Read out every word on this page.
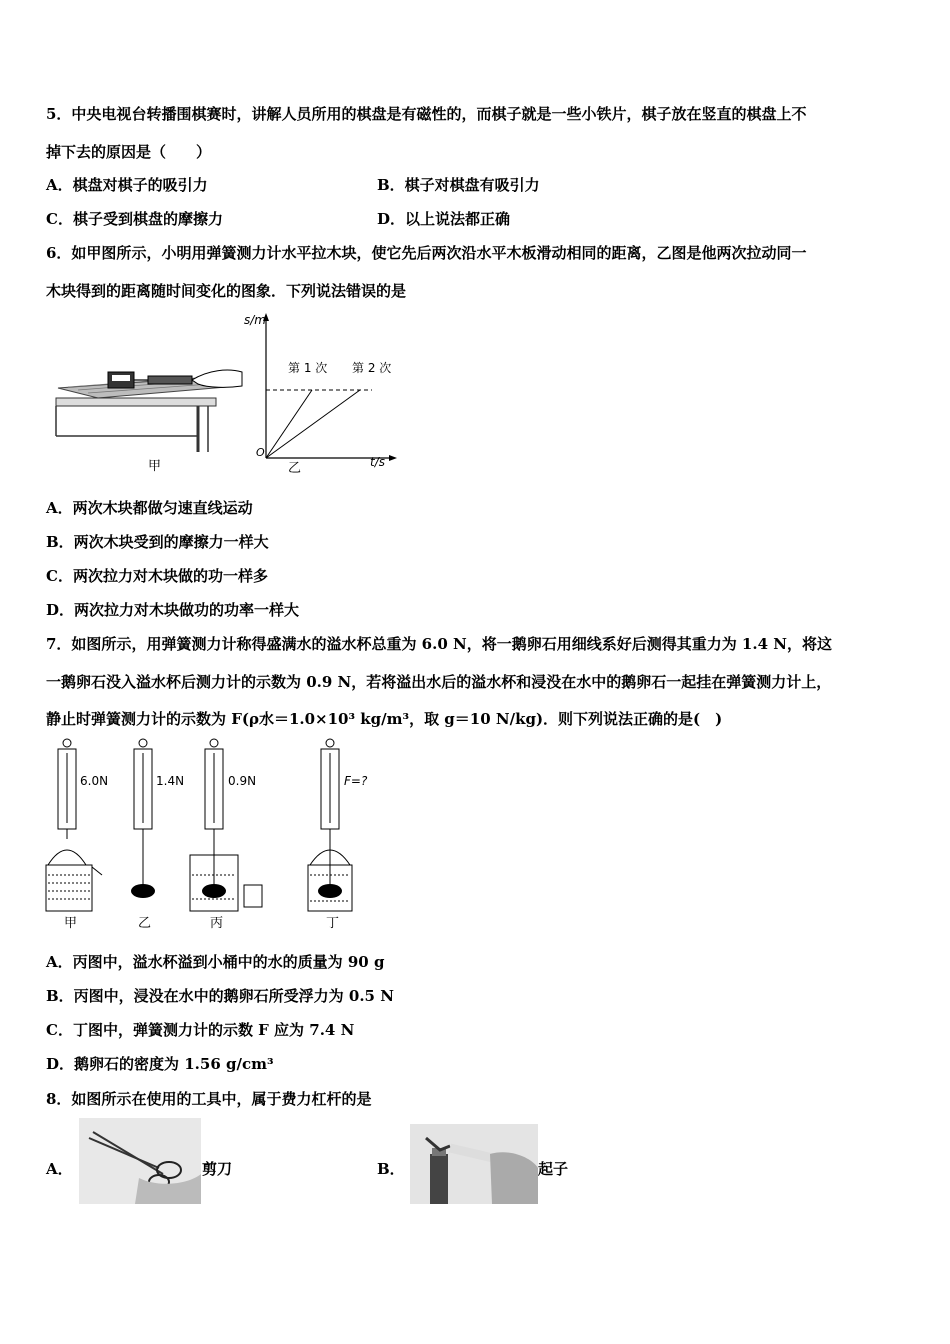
5．中央电视台转播围棋赛时，讲解人员所用的棋盘是有磁性的，而棋子就是一些小铁片，棋子放在竖直的棋盘上不
掉下去的原因是（　　）
A．棋盘对棋子的吸引力	B．棋子对棋盘有吸引力
C．棋子受到棋盘的摩擦力	D．以上说法都正确
6．如甲图所示，小明用弹簧测力计水平拉木块，使它先后两次沿水平木板滑动相同的距离，乙图是他两次拉动同一
木块得到的距离随时间变化的图象．下列说法错误的是
甲
s/m
t/s
O
第 1 次 第 2 次
乙
A．两次木块都做匀速直线运动
B．两次木块受到的摩擦力一样大
C．两次拉力对木块做的功一样多
D．两次拉力对木块做功的功率一样大
7．如图所示，用弹簧测力计称得盛满水的溢水杯总重为 6.0 N，将一鹅卵石用细线系好后测得其重力为 1.4 N，将这
一鹅卵石没入溢水杯后测力计的示数为 0.9 N，若将溢出水后的溢水杯和浸没在水中的鹅卵石一起挂在弹簧测力计上，
静止时弹簧测力计的示数为 F(ρ水＝1.0×10³ kg/m³，取 g＝10 N/kg)．则下列说法正确的是(　)
6.0N
甲
1.4N
乙
0.9N
丙
F=?
丁
A．丙图中，溢水杯溢到小桶中的水的质量为 90 g
B．丙图中，浸没在水中的鹅卵石所受浮力为 0.5 N
C．丁图中，弹簧测力计的示数 F 应为 7.4 N
D．鹅卵石的密度为 1.56 g/cm³
8．如图所示在使用的工具中，属于费力杠杆的是
A．	剪刀	B．	起子
